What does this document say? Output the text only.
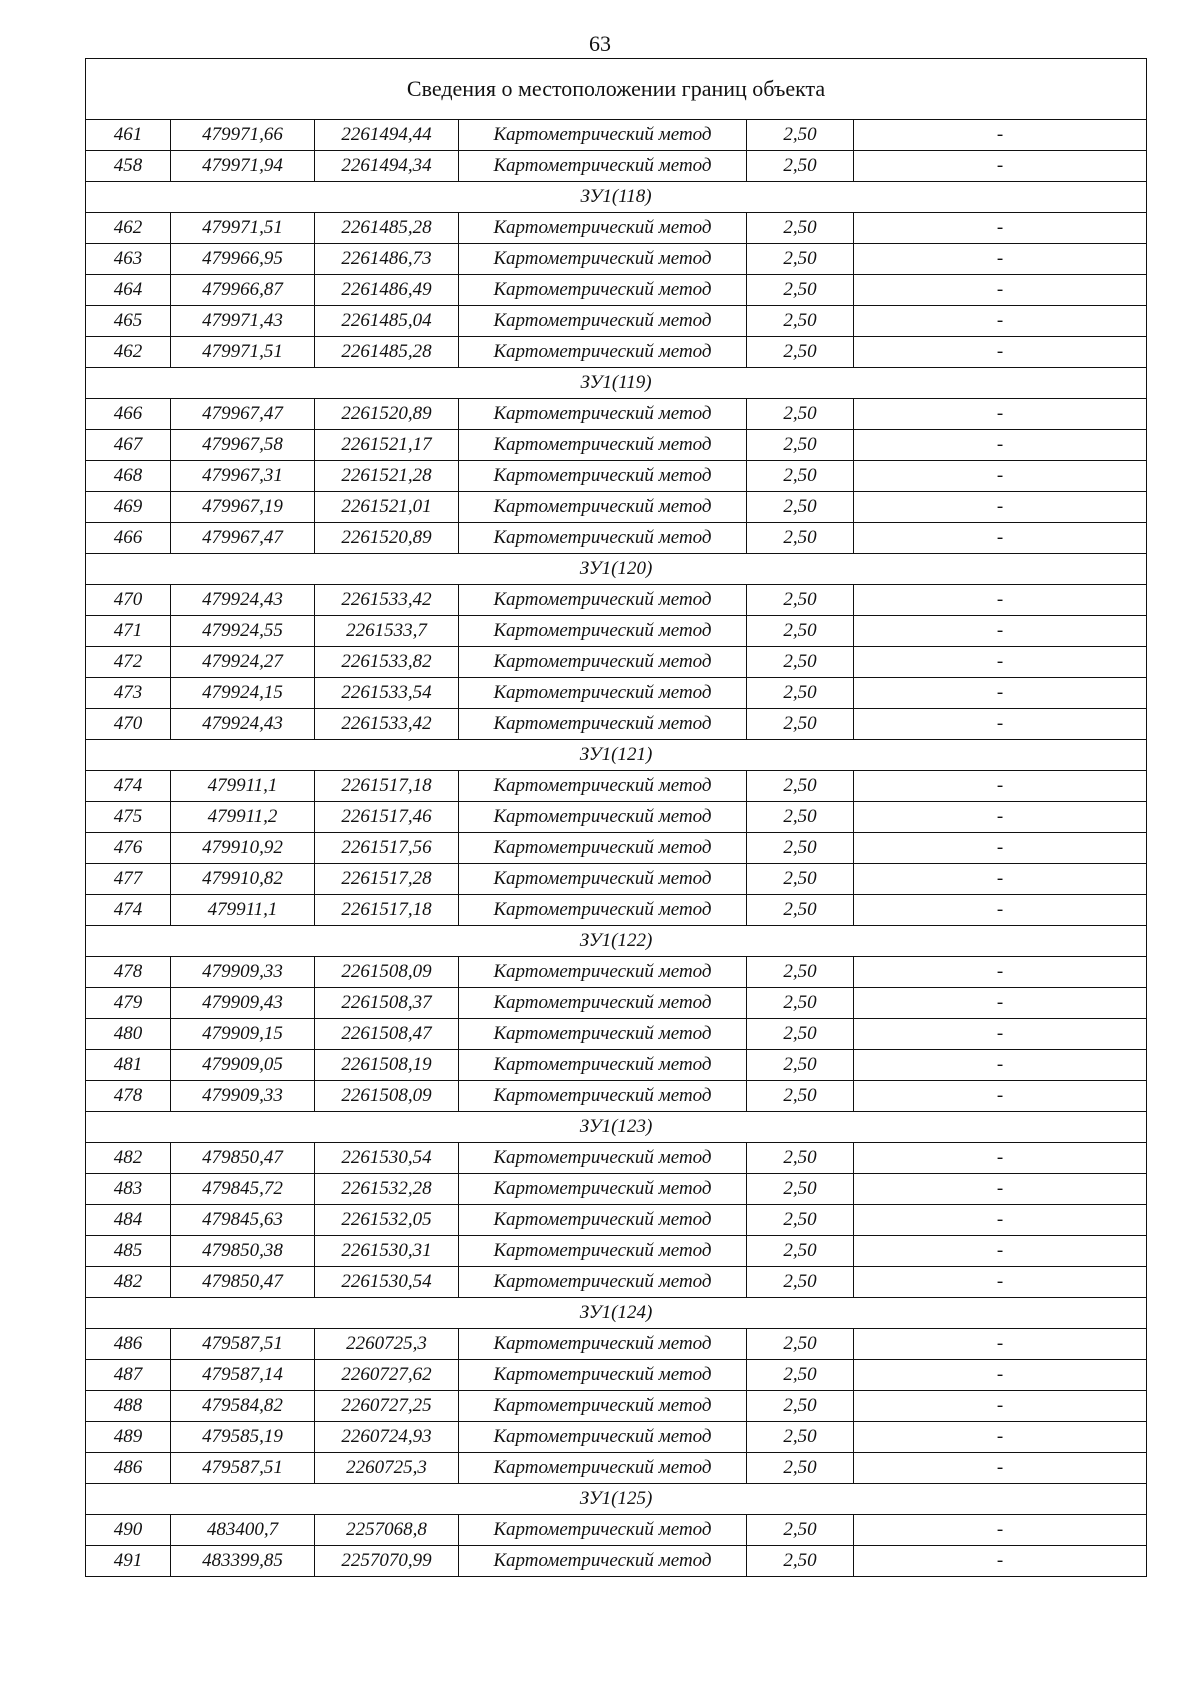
63
Сведения о местоположении границ объекта					
461	479971,66	2261494,44	Картометрический метод	2,50	-
458	479971,94	2261494,34	Картометрический метод	2,50	-
ЗУ1(118)					
462	479971,51	2261485,28	Картометрический метод	2,50	-
463	479966,95	2261486,73	Картометрический метод	2,50	-
464	479966,87	2261486,49	Картометрический метод	2,50	-
465	479971,43	2261485,04	Картометрический метод	2,50	-
462	479971,51	2261485,28	Картометрический метод	2,50	-
ЗУ1(119)					
466	479967,47	2261520,89	Картометрический метод	2,50	-
467	479967,58	2261521,17	Картометрический метод	2,50	-
468	479967,31	2261521,28	Картометрический метод	2,50	-
469	479967,19	2261521,01	Картометрический метод	2,50	-
466	479967,47	2261520,89	Картометрический метод	2,50	-
ЗУ1(120)					
470	479924,43	2261533,42	Картометрический метод	2,50	-
471	479924,55	2261533,7	Картометрический метод	2,50	-
472	479924,27	2261533,82	Картометрический метод	2,50	-
473	479924,15	2261533,54	Картометрический метод	2,50	-
470	479924,43	2261533,42	Картометрический метод	2,50	-
ЗУ1(121)					
474	479911,1	2261517,18	Картометрический метод	2,50	-
475	479911,2	2261517,46	Картометрический метод	2,50	-
476	479910,92	2261517,56	Картометрический метод	2,50	-
477	479910,82	2261517,28	Картометрический метод	2,50	-
474	479911,1	2261517,18	Картометрический метод	2,50	-
ЗУ1(122)					
478	479909,33	2261508,09	Картометрический метод	2,50	-
479	479909,43	2261508,37	Картометрический метод	2,50	-
480	479909,15	2261508,47	Картометрический метод	2,50	-
481	479909,05	2261508,19	Картометрический метод	2,50	-
478	479909,33	2261508,09	Картометрический метод	2,50	-
ЗУ1(123)					
482	479850,47	2261530,54	Картометрический метод	2,50	-
483	479845,72	2261532,28	Картометрический метод	2,50	-
484	479845,63	2261532,05	Картометрический метод	2,50	-
485	479850,38	2261530,31	Картометрический метод	2,50	-
482	479850,47	2261530,54	Картометрический метод	2,50	-
ЗУ1(124)					
486	479587,51	2260725,3	Картометрический метод	2,50	-
487	479587,14	2260727,62	Картометрический метод	2,50	-
488	479584,82	2260727,25	Картометрический метод	2,50	-
489	479585,19	2260724,93	Картометрический метод	2,50	-
486	479587,51	2260725,3	Картометрический метод	2,50	-
ЗУ1(125)					
490	483400,7	2257068,8	Картометрический метод	2,50	-
491	483399,85	2257070,99	Картометрический метод	2,50	-
